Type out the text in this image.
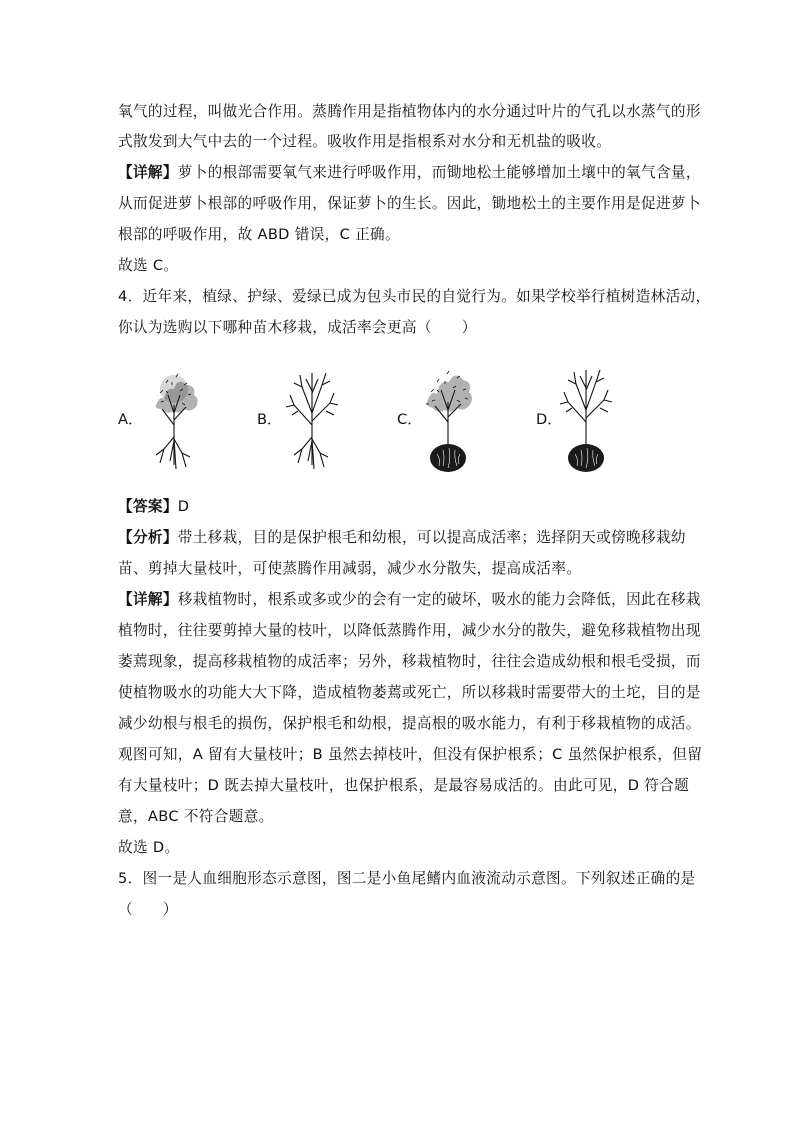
氧气的过程，叫做光合作用。蒸腾作用是指植物体内的水分通过叶片的气孔以水蒸气的形
式散发到大气中去的一个过程。吸收作用是指根系对水分和无机盐的吸收。
【详解】萝卜的根部需要氧气来进行呼吸作用，而锄地松土能够增加土壤中的氧气含量，
从而促进萝卜根部的呼吸作用，保证萝卜的生长。因此，锄地松土的主要作用是促进萝卜
根部的呼吸作用，故 ABD 错误，C 正确。
故选 C。
4．近年来，植绿、护绿、爱绿已成为包头市民的自觉行为。如果学校举行植树造林活动，
你认为选购以下哪种苗木移栽，成活率会更高（　　）
A．	B．	C．	D．
【答案】D
【分析】带土移栽，目的是保护根毛和幼根，可以提高成活率；选择阴天或傍晚移栽幼
苗、剪掉大量枝叶，可使蒸腾作用减弱，减少水分散失，提高成活率。
【详解】移栽植物时，根系或多或少的会有一定的破坏，吸水的能力会降低，因此在移栽
植物时，往往要剪掉大量的枝叶，以降低蒸腾作用，减少水分的散失，避免移栽植物出现
萎蔫现象，提高移栽植物的成活率；另外，移栽植物时，往往会造成幼根和根毛受损，而
使植物吸水的功能大大下降，造成植物萎蔫或死亡，所以移栽时需要带大的土坨，目的是
减少幼根与根毛的损伤，保护根毛和幼根，提高根的吸水能力，有利于移栽植物的成活。
观图可知，A 留有大量枝叶；B 虽然去掉枝叶，但没有保护根系；C 虽然保护根系，但留
有大量枝叶；D 既去掉大量枝叶，也保护根系，是最容易成活的。由此可见，D 符合题
意，ABC 不符合题意。
故选 D。
5．图一是人血细胞形态示意图，图二是小鱼尾鳍内血液流动示意图。下列叙述正确的是
（　　）
